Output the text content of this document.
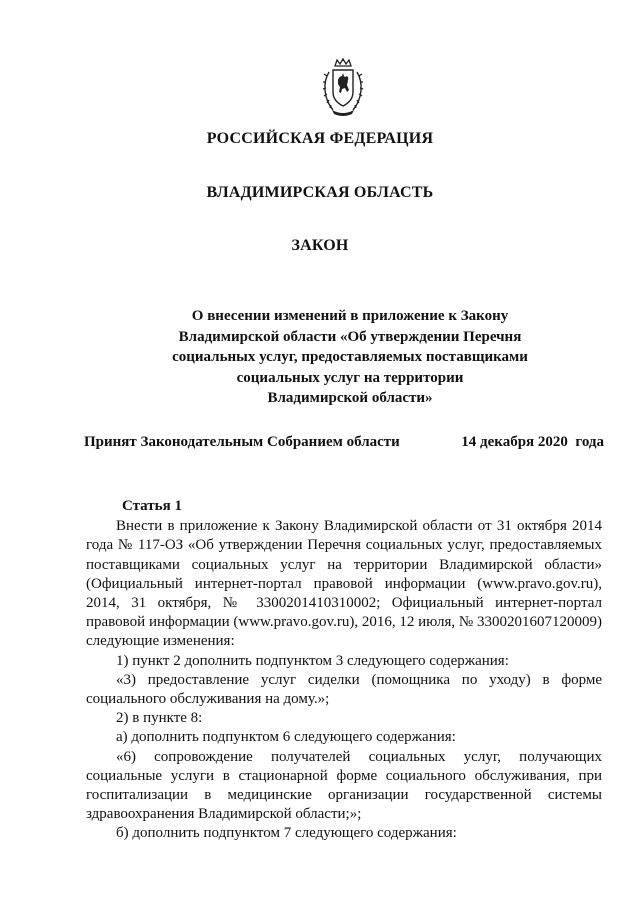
РОССИЙСКАЯ ФЕДЕРАЦИЯ
ВЛАДИМИРСКАЯ ОБЛАСТЬ
ЗАКОН
О внесении изменений в приложение к Закону
Владимирской области «Об утверждении Перечня
социальных услуг, предоставляемых поставщиками
социальных услуг на территории
Владимирской области»
Принят Законодательным Собранием области	14 декабря 2020  года
Статья 1

Внести в приложение к Закону Владимирской области от 31 октября 2014 года № 117-ОЗ «Об утверждении Перечня социальных услуг, предоставляемых поставщиками социальных услуг на территории Владимирской области» (Официальный интернет-портал правовой информации (www.pravo.gov.ru), 2014, 31 октября, № 3300201410310002; Официальный интернет-портал правовой информации (www.pravo.gov.ru), 2016, 12 июля, № 3300201607120009) следующие изменения:

1) пункт 2 дополнить подпунктом 3 следующего содержания:

«3) предоставление услуг сиделки (помощника по уходу) в форме социального обслуживания на дому.»;

2) в пункте 8:

а) дополнить подпунктом 6 следующего содержания:

«6) сопровождение получателей социальных услуг, получающих социальные услуги в стационарной форме социального обслуживания, при госпитализации в медицинские организации государственной системы здравоохранения Владимирской области;»;

б) дополнить подпунктом 7 следующего содержания:
